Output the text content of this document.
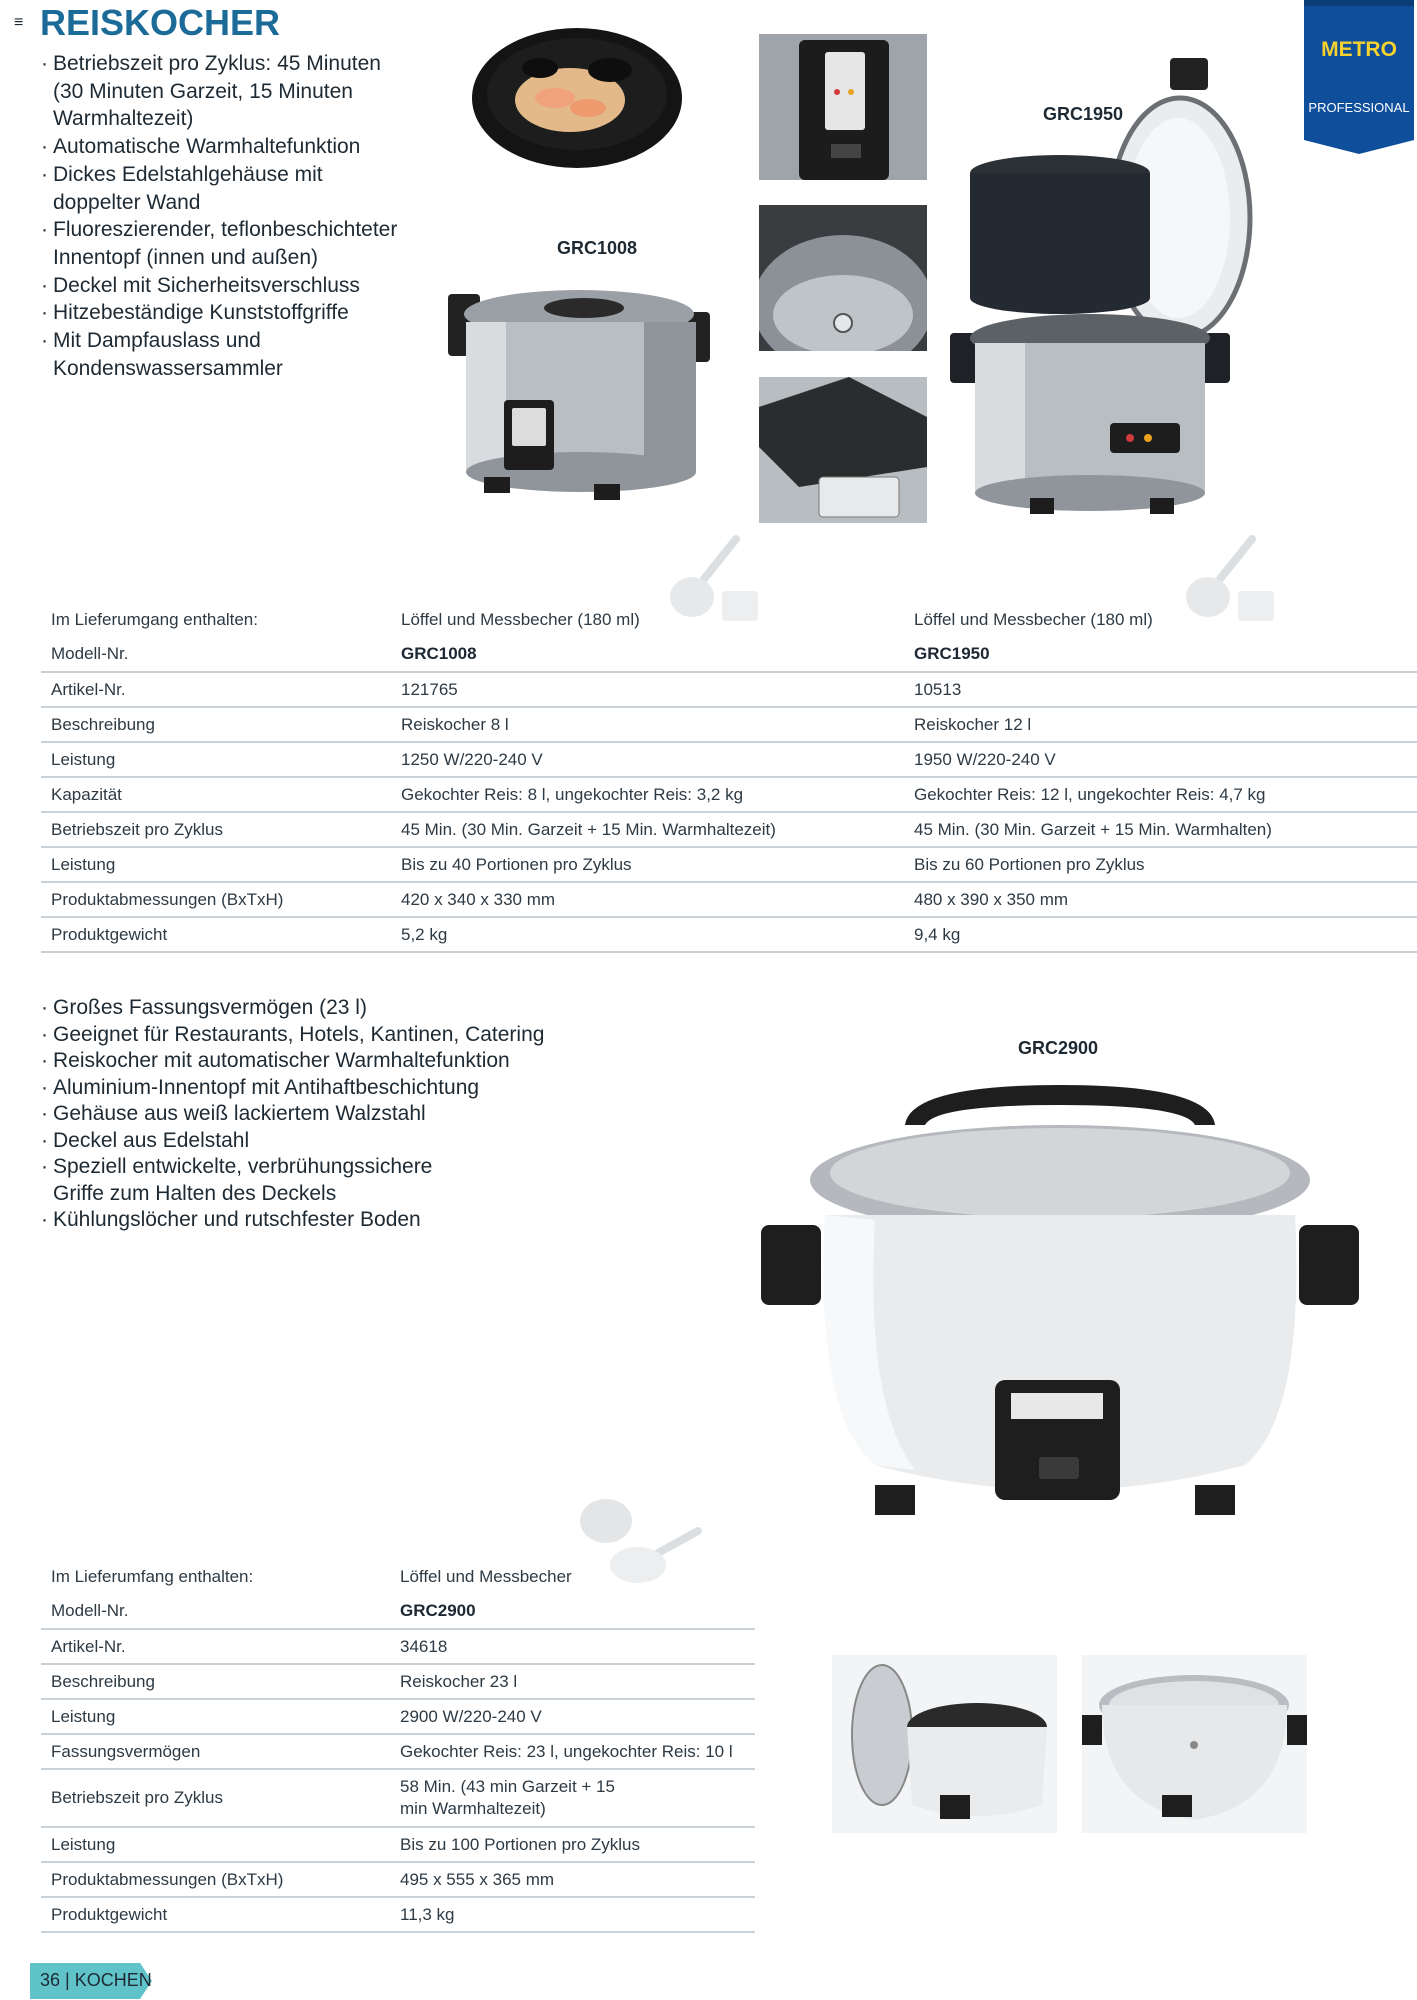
≡ REISKOCHER
METRO
PROFESSIONAL
· Betriebszeit pro Zyklus: 45 Minuten (30 Minuten Garzeit, 15 Minuten Warmhaltezeit)
· Automatische Warmhaltefunktion
· Dickes Edelstahlgehäuse mit doppelter Wand
· Fluoreszierender, teflonbeschichteter Innentopf (innen und außen)
· Deckel mit Sicherheitsverschluss
· Hitzebeständige Kunststoffgriffe
· Mit Dampfauslass und Kondenswassersammler
GRC1008
GRC1950
Im Lieferumgang enthalten:	Löffel und Messbecher (180 ml)	Löffel und Messbecher (180 ml)
Modell-Nr.	GRC1008	GRC1950
Artikel-Nr.	121765	10513
Beschreibung	Reiskocher 8 l	Reiskocher 12 l
Leistung	1250 W/220-240 V	1950 W/220-240 V
Kapazität	Gekochter Reis: 8 l, ungekochter Reis: 3,2 kg	Gekochter Reis: 12 l, ungekochter Reis: 4,7 kg
Betriebszeit pro Zyklus	45 Min. (30 Min. Garzeit + 15 Min. Warmhaltezeit)	45 Min. (30 Min. Garzeit + 15 Min. Warmhalten)
Leistung	Bis zu 40 Portionen pro Zyklus	Bis zu 60 Portionen pro Zyklus
Produktabmessungen (BxTxH)	420 x 340 x 330 mm	480 x 390 x 350 mm
Produktgewicht	5,2 kg	9,4 kg
· Großes Fassungsvermögen (23 l)
· Geeignet für Restaurants, Hotels, Kantinen, Catering
· Reiskocher mit automatischer Warmhaltefunktion
· Aluminium-Innentopf mit Antihaftbeschichtung
· Gehäuse aus weiß lackiertem Walzstahl
· Deckel aus Edelstahl
· Speziell entwickelte, verbrühungssichere Griffe zum Halten des Deckels
· Kühlungslöcher und rutschfester Boden
GRC2900
Im Lieferumfang enthalten:	Löffel und Messbecher
Modell-Nr.	GRC2900
Artikel-Nr.	34618
Beschreibung	Reiskocher 23 l
Leistung	2900 W/220-240 V
Fassungsvermögen	Gekochter Reis: 23 l, ungekochter Reis: 10 l
Betriebszeit pro Zyklus	58 Min. (43 min Garzeit + 15 min Warmhaltezeit)
Leistung	Bis zu 100 Portionen pro Zyklus
Produktabmessungen (BxTxH)	495 x 555 x 365 mm
Produktgewicht	11,3 kg
36 | KOCHEN
